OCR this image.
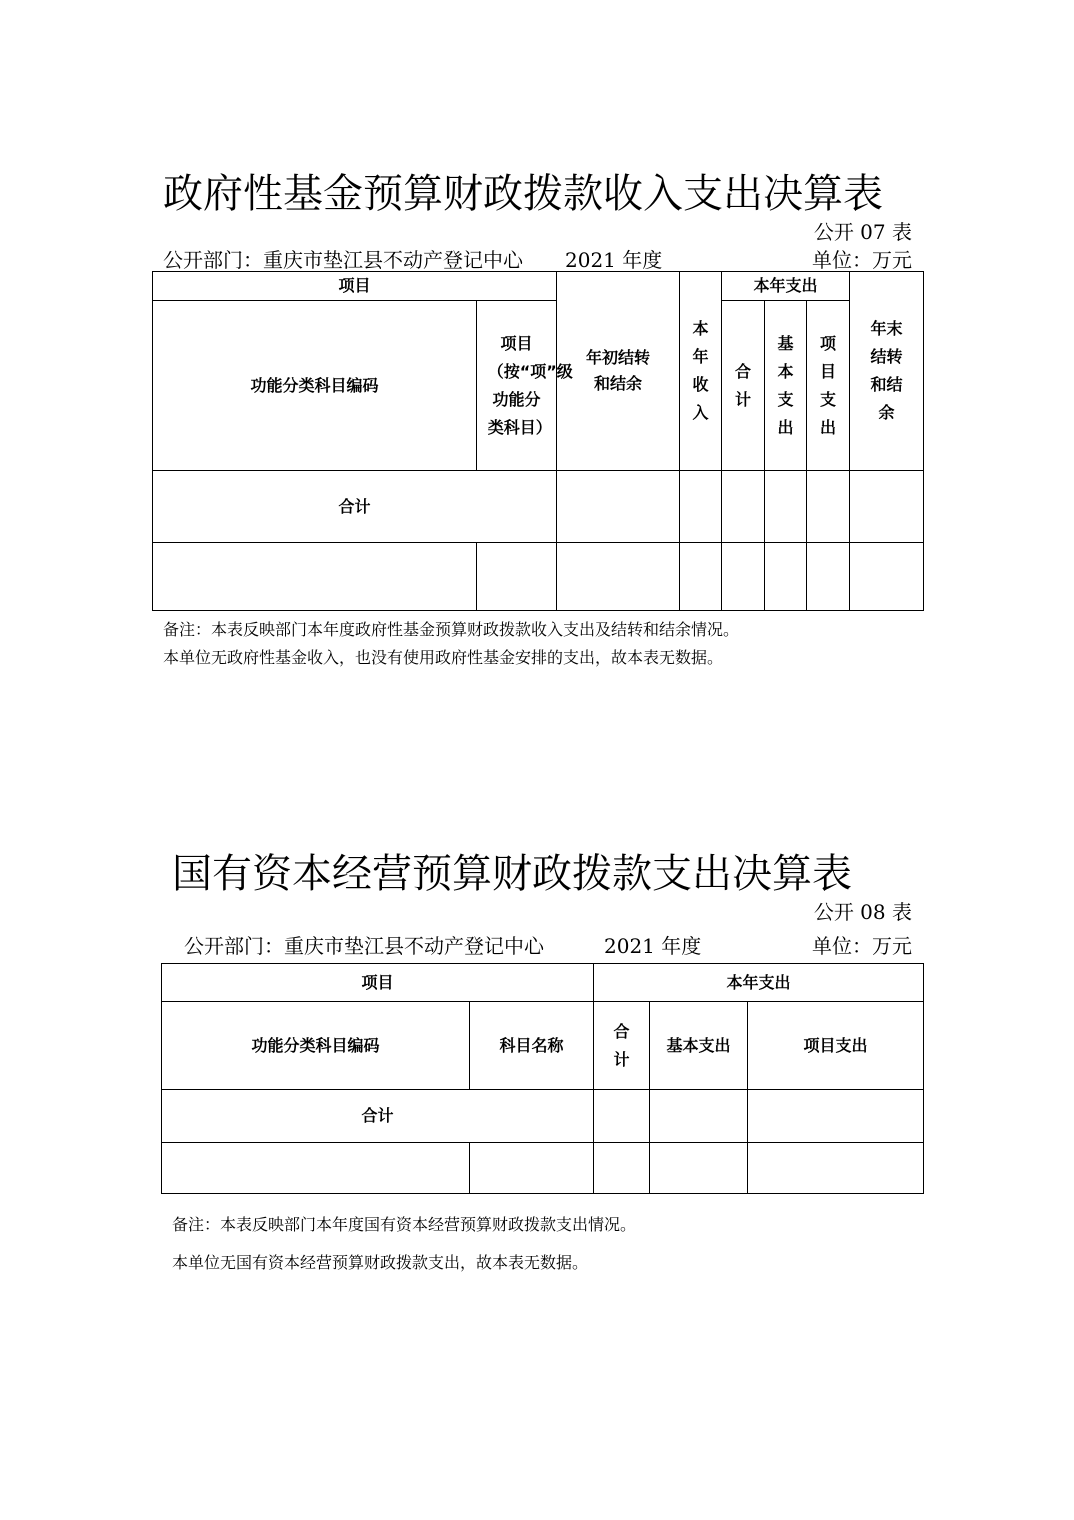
政府性基金预算财政拨款收入支出决算表
公开 07 表
公开部门：重庆市垫江县不动产登记中心 2021 年度	单位：万元
项目		年初结转和结余	本年收入	本年支出			年末结转和结余
功能分类科目编码	项目（按“项”级功能分类科目）			合计	基本支出	项目支出	
合计							

备注：本表反映部门本年度政府性基金预算财政拨款收入支出及结转和结余情况。
本单位无政府性基金收入，也没有使用政府性基金安排的支出，故本表无数据。
国有资本经营预算财政拨款支出决算表
公开 08 表
公开部门：重庆市垫江县不动产登记中心	2021 年度	单位：万元
项目		本年支出		
功能分类科目编码	科目名称	合计	基本支出	项目支出
合计				

备注：本表反映部门本年度国有资本经营预算财政拨款支出情况。
本单位无国有资本经营预算财政拨款支出，故本表无数据。
